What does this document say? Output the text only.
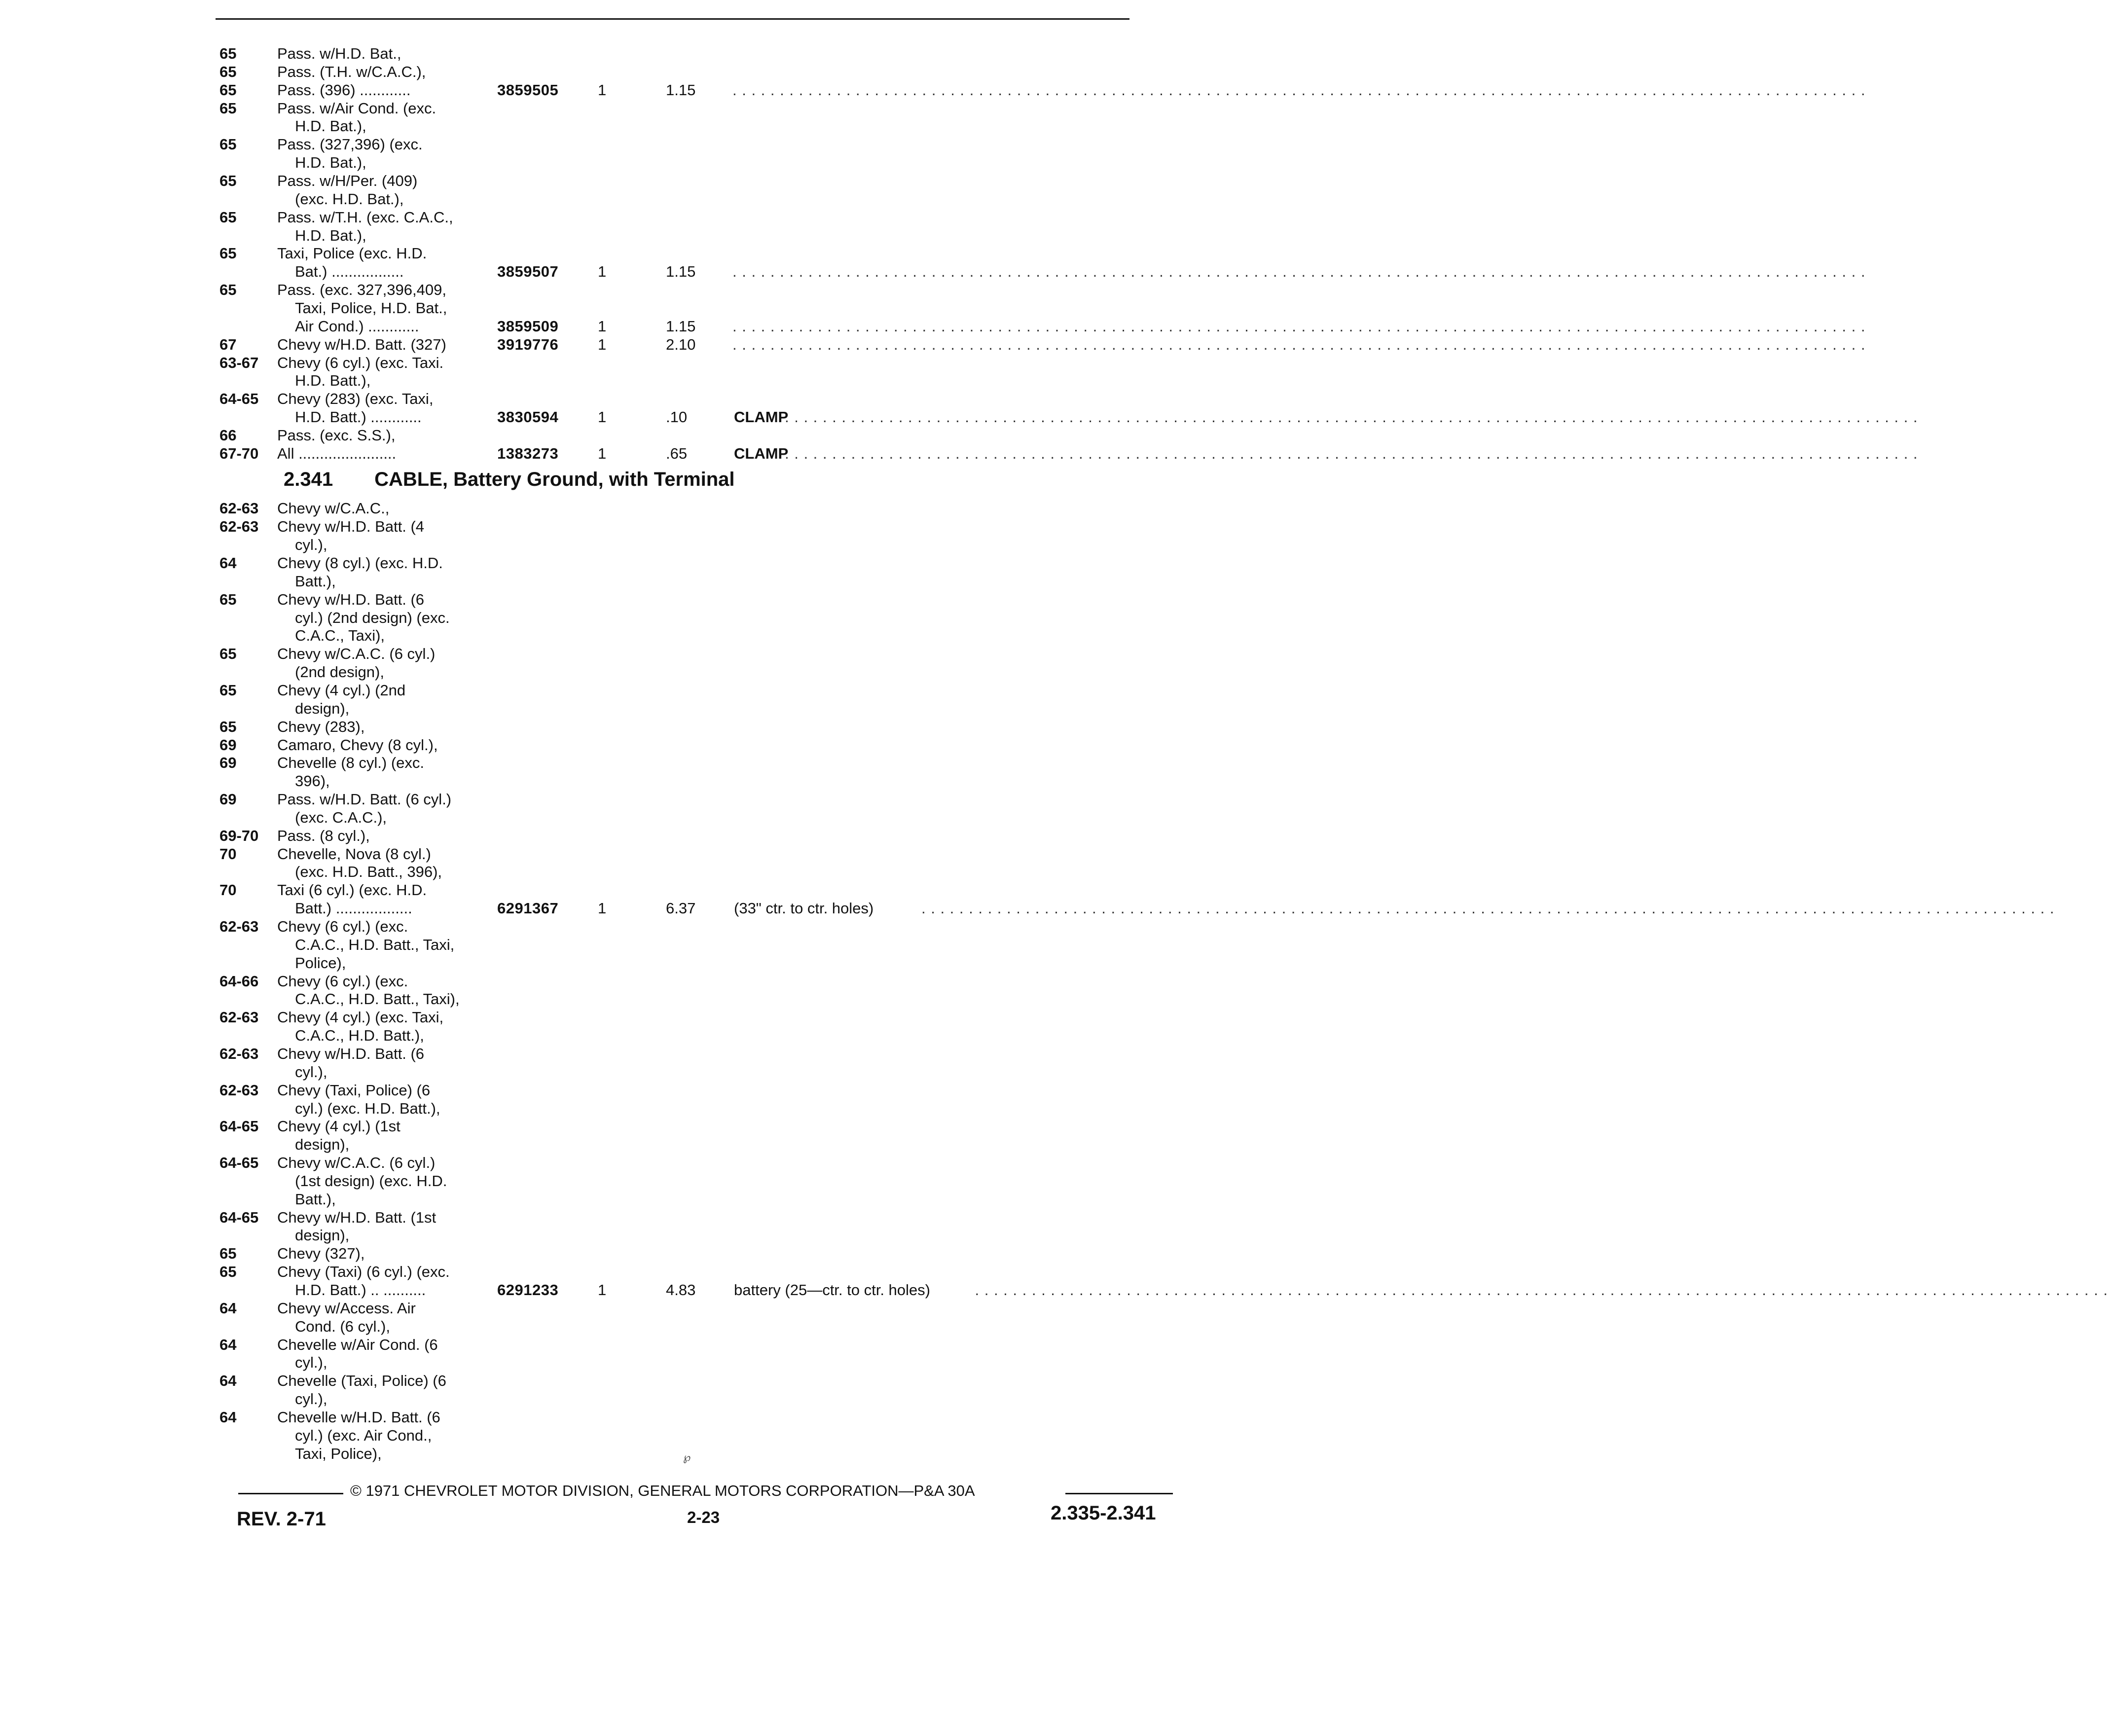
65	Pass. w/H.D. Bat.,
65	Pass. (T.H. w/C.A.C.),
65	Pass. (396) ............	3859505	1	1.15 . . . . . . . . . . . . . . . . . . . . . . . . . . . . . . . . . . . . . . . . . . . . . . . . . . . . . . . . . . . . . . . . . . . . . . . . . . . . . . . . . . . . . . . . . . . . . . . . . . . . . . . . . . . . . . . . . . . . . . . .
65	Pass. w/Air Cond. (exc.
H.D. Bat.),
65	Pass. (327,396) (exc.
H.D. Bat.),
65	Pass. w/H/Per. (409)
(exc. H.D. Bat.),
65	Pass. w/T.H. (exc. C.A.C.,
H.D. Bat.),
65	Taxi, Police (exc. H.D.
Bat.) .................	3859507	1	1.15 . . . . . . . . . . . . . . . . . . . . . . . . . . . . . . . . . . . . . . . . . . . . . . . . . . . . . . . . . . . . . . . . . . . . . . . . . . . . . . . . . . . . . . . . . . . . . . . . . . . . . . . . . . . . . . . . . . . . . . . .
65	Pass. (exc. 327,396,409,
Taxi, Police, H.D. Bat.,
Air Cond.) ............	3859509	1	1.15 . . . . . . . . . . . . . . . . . . . . . . . . . . . . . . . . . . . . . . . . . . . . . . . . . . . . . . . . . . . . . . . . . . . . . . . . . . . . . . . . . . . . . . . . . . . . . . . . . . . . . . . . . . . . . . . . . . . . . . . .
67	Chevy w/H.D. Batt. (327)	3919776	1	2.10 . . . . . . . . . . . . . . . . . . . . . . . . . . . . . . . . . . . . . . . . . . . . . . . . . . . . . . . . . . . . . . . . . . . . . . . . . . . . . . . . . . . . . . . . . . . . . . . . . . . . . . . . . . . . . . . . . . . . . . . .
63-67 Chevy (6 cyl.) (exc. Taxi.
H.D. Batt.),
64-65 Chevy (283) (exc. Taxi,
H.D. Batt.) ............	3830594	1	.10	CLAMP
. . . . . . . . . . . . . . . . . . . . . . . . . . . . . . . . . . . . . . . . . . . . . . . . . . . . . . . . . . . . . . . . . . . . . . . . . . . . . . . . . . . . . . . . . . . . . . . . . . . . . . . . . . . . . . . . . . . . . . . .
66	Pass. (exc. S.S.),
67-70 All .......................	1383273	1	.65	CLAMP
. . . . . . . . . . . . . . . . . . . . . . . . . . . . . . . . . . . . . . . . . . . . . . . . . . . . . . . . . . . . . . . . . . . . . . . . . . . . . . . . . . . . . . . . . . . . . . . . . . . . . . . . . . . . . . . . . . . . . . . .
62-63 Chevy w/C.A.C.,
62-63 Chevy w/H.D. Batt. (4
cyl.),
64	Chevy (8 cyl.) (exc. H.D.
Batt.),
65	Chevy w/H.D. Batt. (6
cyl.) (2nd design) (exc.
C.A.C., Taxi),
65	Chevy w/C.A.C. (6 cyl.)
(2nd design),
65	Chevy (4 cyl.) (2nd
design),
65	Chevy (283),
69	Camaro, Chevy (8 cyl.),
69	Chevelle (8 cyl.) (exc.
396),
69	Pass. w/H.D. Batt. (6 cyl.)
(exc. C.A.C.),
69-70 Pass. (8 cyl.),
70	Chevelle, Nova (8 cyl.)
(exc. H.D. Batt., 396),
70	Taxi (6 cyl.) (exc. H.D.
Batt.) ..................	6291367	1	6.37	(33" ctr. to ctr. holes)	. . . . . . . . . . . . . . . . . . . . . . . . . . . . . . . . . . . . . . . . . . . . . . . . . . . . . . . . . . . . . . . . . . . . . . . . . . . . . . . . . . . . . . . . . . . . . . . . . . . . . . . . . . . . . . . . . . . . . . . .
62-63 Chevy (6 cyl.) (exc.
C.A.C., H.D. Batt., Taxi,
Police),
64-66 Chevy (6 cyl.) (exc.
C.A.C., H.D. Batt., Taxi),
62-63 Chevy (4 cyl.) (exc. Taxi,
C.A.C., H.D. Batt.),
62-63 Chevy w/H.D. Batt. (6
cyl.),
62-63 Chevy (Taxi, Police) (6
cyl.) (exc. H.D. Batt.),
64-65 Chevy (4 cyl.) (1st
design),
64-65 Chevy w/C.A.C. (6 cyl.)
(1st design) (exc. H.D.
Batt.),
64-65 Chevy w/H.D. Batt. (1st
design),
65	Chevy (327),
65	Chevy (Taxi) (6 cyl.) (exc.
H.D. Batt.) .. ..........	6291233	1	4.83	battery (25—ctr. to ctr. holes)	. . . . . . . . . . . . . . . . . . . . . . . . . . . . . . . . . . . . . . . . . . . . . . . . . . . . . . . . . . . . . . . . . . . . . . . . . . . . . . . . . . . . . . . . . . . . . . . . . . . . . . . . . . . . . . . . . . . . . . . .
64	Chevy w/Access. Air
Cond. (6 cyl.),
64	Chevelle w/Air Cond. (6
cyl.),
64	Chevelle (Taxi, Police) (6
cyl.),
64	Chevelle w/H.D. Batt. (6
cyl.) (exc. Air Cond.,
Taxi, Police),
2.341 CABLE, Battery Ground, with Terminal
℘
© 1971 CHEVROLET MOTOR DIVISION, GENERAL MOTORS CORPORATION—P&A 30A
REV. 2-71	2-23	2.335-2.341
